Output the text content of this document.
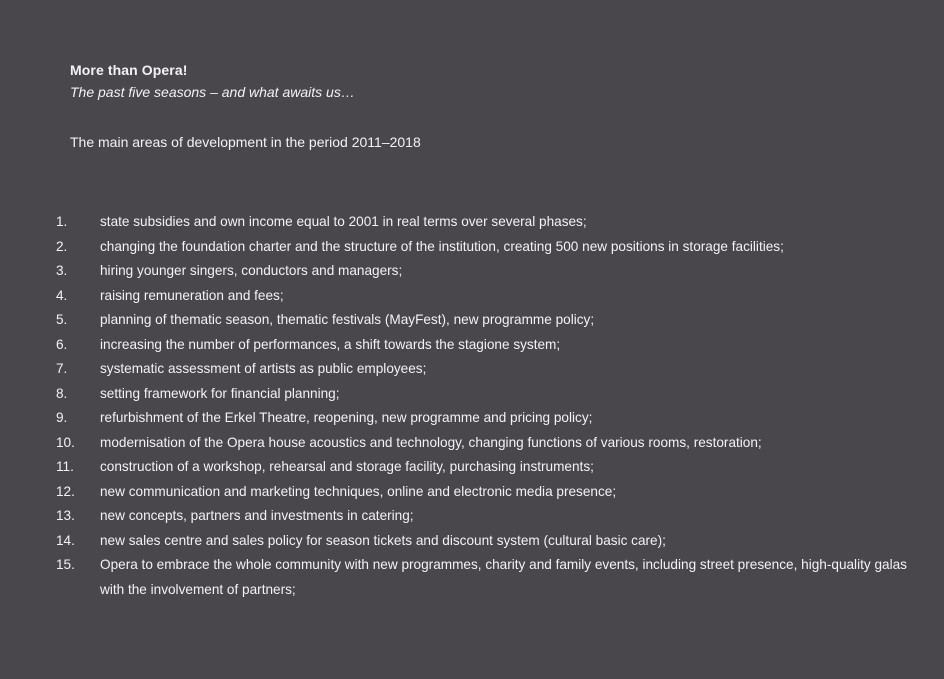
More than Opera!
The past five seasons – and what awaits us…
The main areas of development in the period 2011–2018
1.	state subsidies and own income equal to 2001 in real terms over several phases;
2.	changing the foundation charter and the structure of the institution, creating 500 new positions in storage facilities;
3.	hiring younger singers, conductors and managers;
4.	raising remuneration and fees;
5.	planning of thematic season, thematic festivals (MayFest), new programme policy;
6.	increasing the number of performances, a shift towards the stagione system;
7.	systematic assessment of artists as public employees;
8.	setting framework for financial planning;
9.	refurbishment of the Erkel Theatre, reopening, new programme and pricing policy;
10.	modernisation of the Opera house acoustics and technology, changing functions of various rooms, restoration;
11.	construction of a workshop, rehearsal and storage facility, purchasing instruments;
12.	new communication and marketing techniques, online and electronic media presence;
13.	new concepts, partners and investments in catering;
14.	new sales centre and sales policy for season tickets and discount system (cultural basic care);
15.	Opera to embrace the whole community with new programmes, charity and family events, including street presence, high-quality galas with the involvement of partners;
